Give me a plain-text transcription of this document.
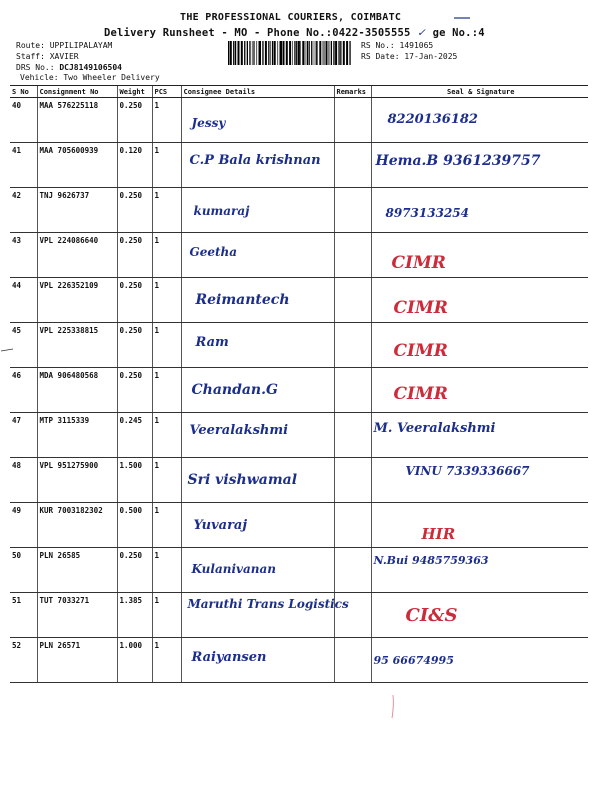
THE PROFESSIONAL COURIERS, COIMBATC
Delivery Runsheet - MO - Phone No.:0422-3505555 ✓ ge No.:4
Route: UPPILIPALAYAM
Staff: XAVIER
DRS No.: DCJ8149106504
Vehicle: Two Wheeler Delivery
RS No.: 1491065
RS Date: 17-Jan-2025
S No	Consignment No	Weight	PCS	Consignee Details	Remarks	Seal & Signature
40	MAA 576225118	0.250	1	Jessy		8220136182

41	MAA 705600939	0.120	1	C.P Bala krishnan		Hema.B 9361239757

42	TNJ 9626737	0.250	1	kumaraj		8973133254

43	VPL 224086640	0.250	1	Geetha		CIMR

44	VPL 226352109	0.250	1	Reimantech		CIMR

45	VPL 225338815	0.250	1	Ram		CIMR

46	MDA 906480568	0.250	1	Chandan.G		CIMR

47	MTP 3115339	0.245	1	Veeralakshmi		M. Veeralakshmi

48	VPL 951275900	1.500	1	Sri vishwamal		VINU 7339336667

49	KUR 7003182302	0.500	1	Yuvaraj		HIR

50	PLN 26585	0.250	1	Kulanivanan		N.Bui 9485759363

51	TUT 7033271	1.385	1	Maruthi Trans Logistics		CI&S

52	PLN 26571	1.000	1	Raiyansen		95 66674995
